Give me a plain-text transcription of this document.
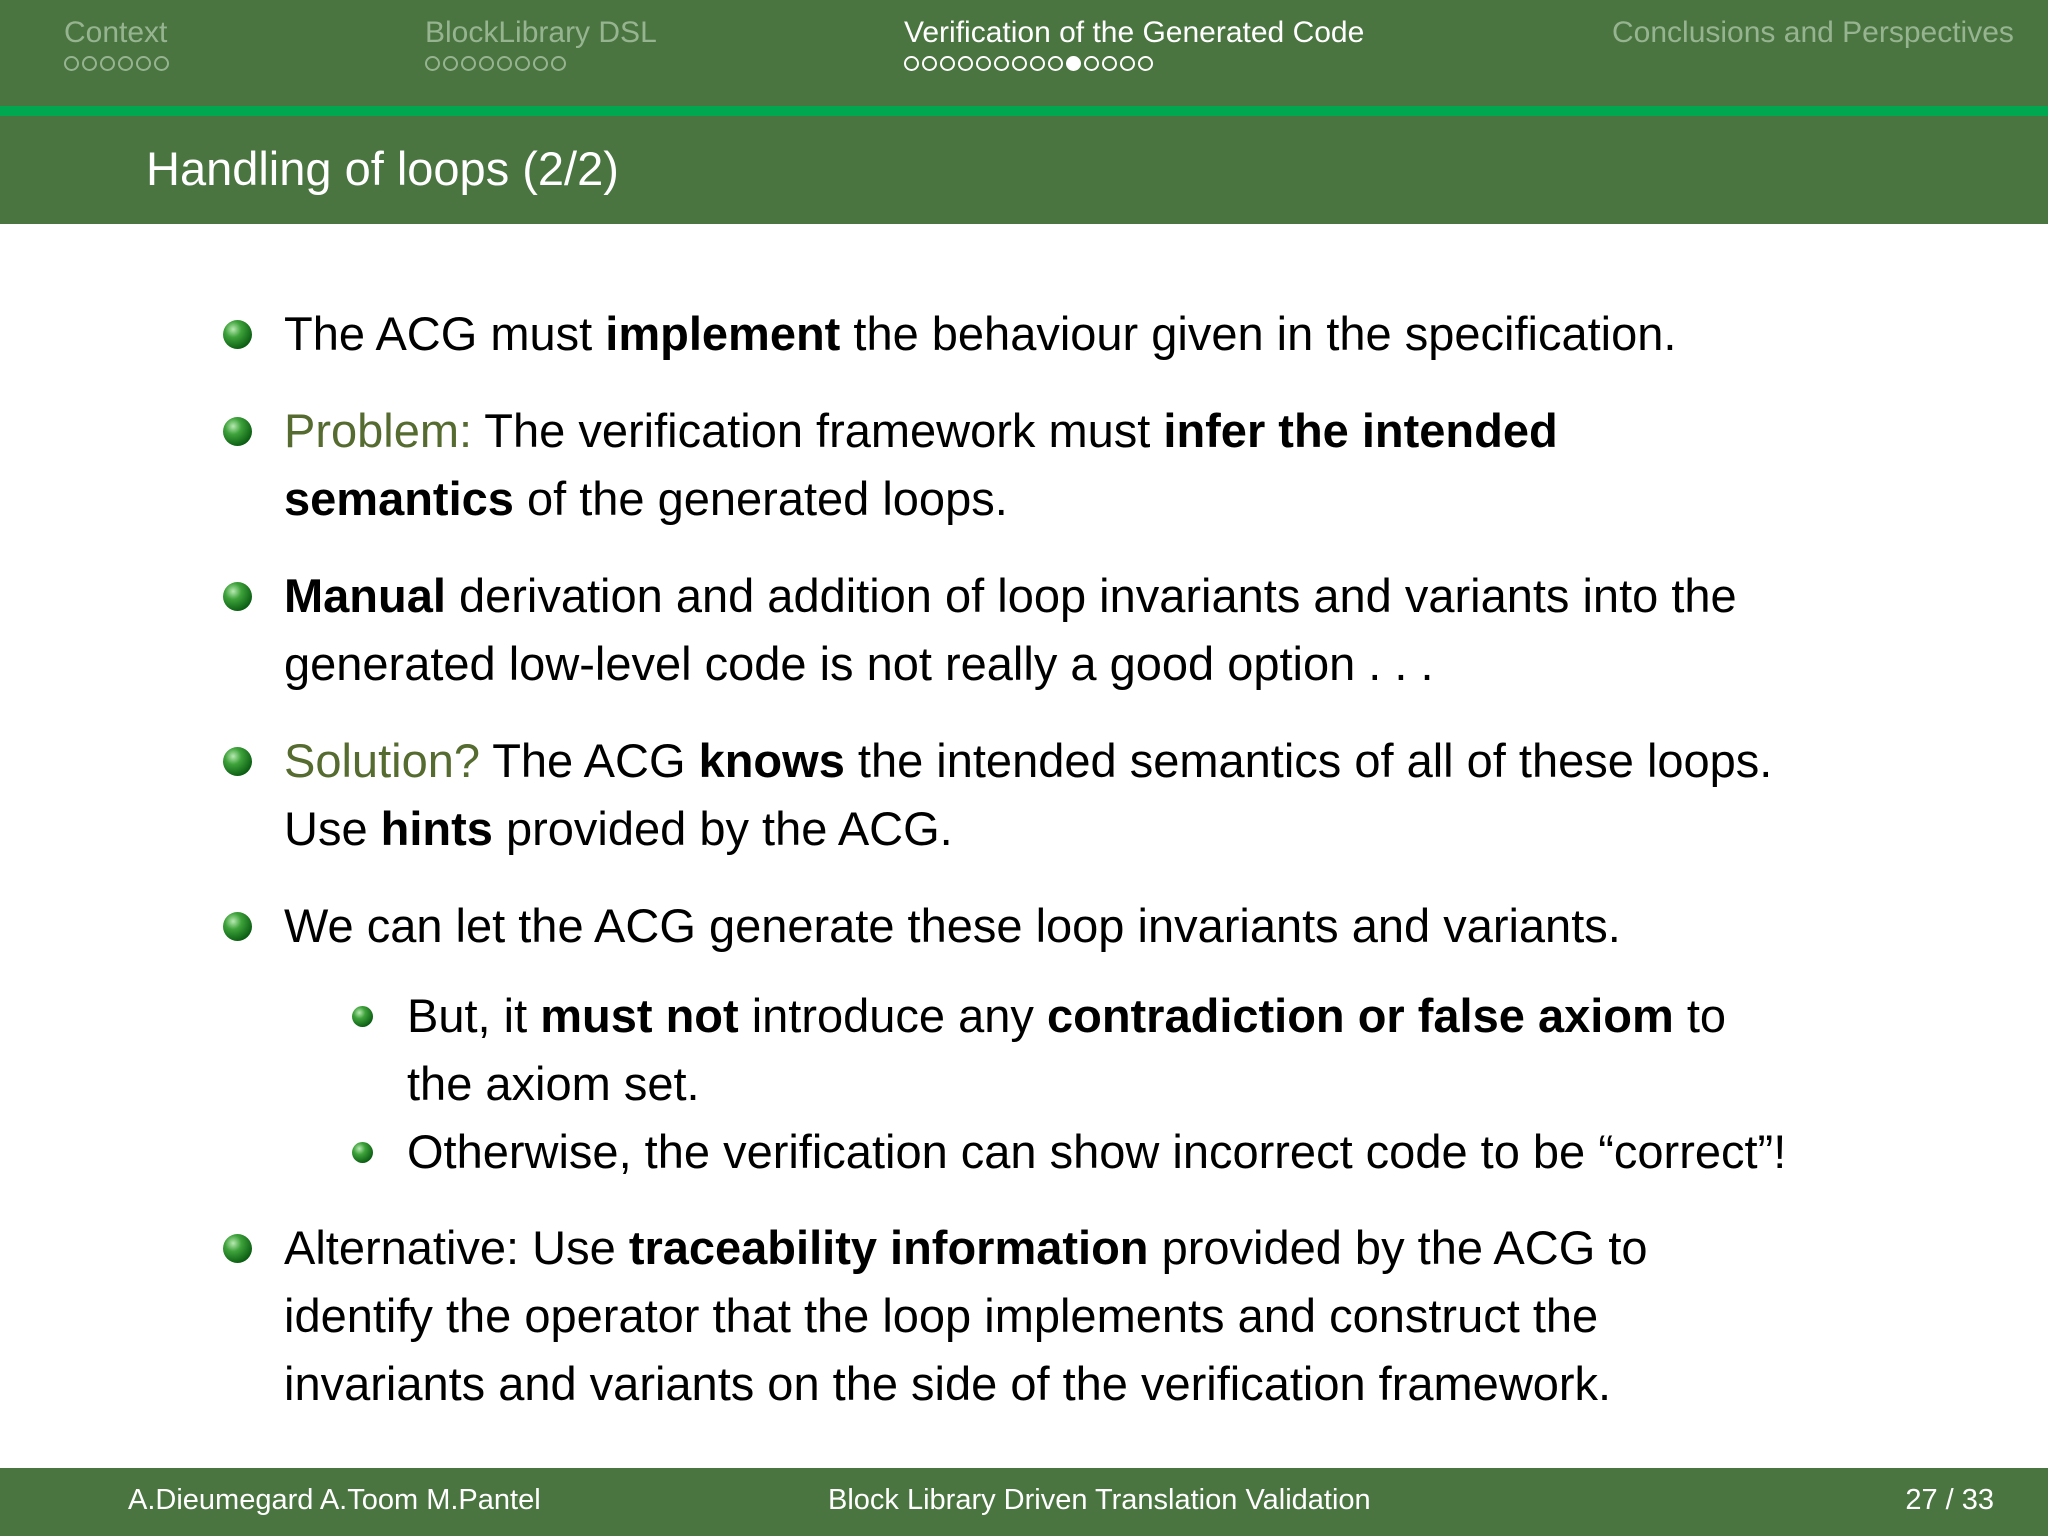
Context	BlockLibrary DSL	Verification of the Generated Code	Conclusions and Perspectives
Handling of loops (2/2)
The ACG must implement the behaviour given in the specification.
Problem: The verification framework must infer the intended
semantics of the generated loops.
Manual derivation and addition of loop invariants and variants into the
generated low-level code is not really a good option . . .
Solution? The ACG knows the intended semantics of all of these loops.
Use hints provided by the ACG.
We can let the ACG generate these loop invariants and variants.
But, it must not introduce any contradiction or false axiom to
the axiom set.
Otherwise, the verification can show incorrect code to be “correct”!
Alternative: Use traceability information provided by the ACG to
identify the operator that the loop implements and construct the
invariants and variants on the side of the verification framework.
A.Dieumegard A.Toom M.Pantel	Block Library Driven Translation Validation	27 / 33
